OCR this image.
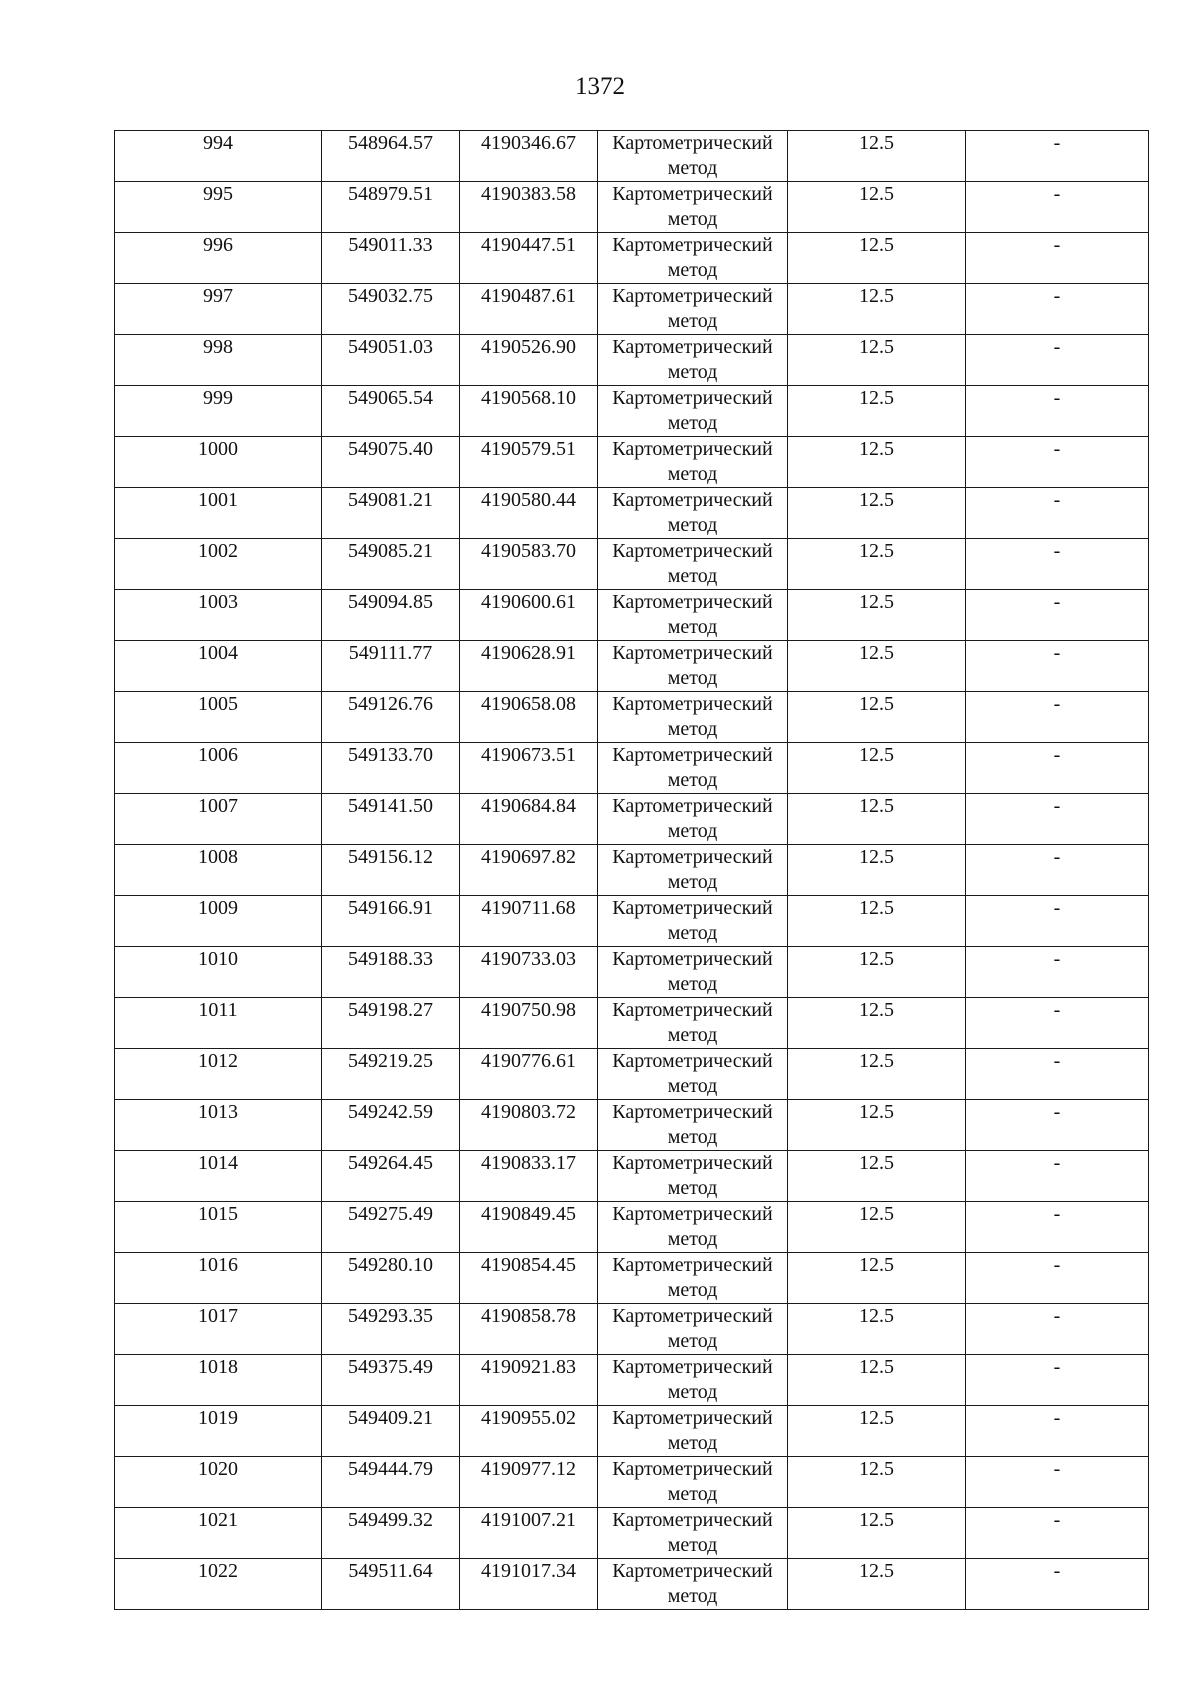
1372
994	548964.57	4190346.67	Картометрический метод	12.5	-
995	548979.51	4190383.58	Картометрический метод	12.5	-
996	549011.33	4190447.51	Картометрический метод	12.5	-
997	549032.75	4190487.61	Картометрический метод	12.5	-
998	549051.03	4190526.90	Картометрический метод	12.5	-
999	549065.54	4190568.10	Картометрический метод	12.5	-
1000	549075.40	4190579.51	Картометрический метод	12.5	-
1001	549081.21	4190580.44	Картометрический метод	12.5	-
1002	549085.21	4190583.70	Картометрический метод	12.5	-
1003	549094.85	4190600.61	Картометрический метод	12.5	-
1004	549111.77	4190628.91	Картометрический метод	12.5	-
1005	549126.76	4190658.08	Картометрический метод	12.5	-
1006	549133.70	4190673.51	Картометрический метод	12.5	-
1007	549141.50	4190684.84	Картометрический метод	12.5	-
1008	549156.12	4190697.82	Картометрический метод	12.5	-
1009	549166.91	4190711.68	Картометрический метод	12.5	-
1010	549188.33	4190733.03	Картометрический метод	12.5	-
1011	549198.27	4190750.98	Картометрический метод	12.5	-
1012	549219.25	4190776.61	Картометрический метод	12.5	-
1013	549242.59	4190803.72	Картометрический метод	12.5	-
1014	549264.45	4190833.17	Картометрический метод	12.5	-
1015	549275.49	4190849.45	Картометрический метод	12.5	-
1016	549280.10	4190854.45	Картометрический метод	12.5	-
1017	549293.35	4190858.78	Картометрический метод	12.5	-
1018	549375.49	4190921.83	Картометрический метод	12.5	-
1019	549409.21	4190955.02	Картометрический метод	12.5	-
1020	549444.79	4190977.12	Картометрический метод	12.5	-
1021	549499.32	4191007.21	Картометрический метод	12.5	-
1022	549511.64	4191017.34	Картометрический метод	12.5	-
